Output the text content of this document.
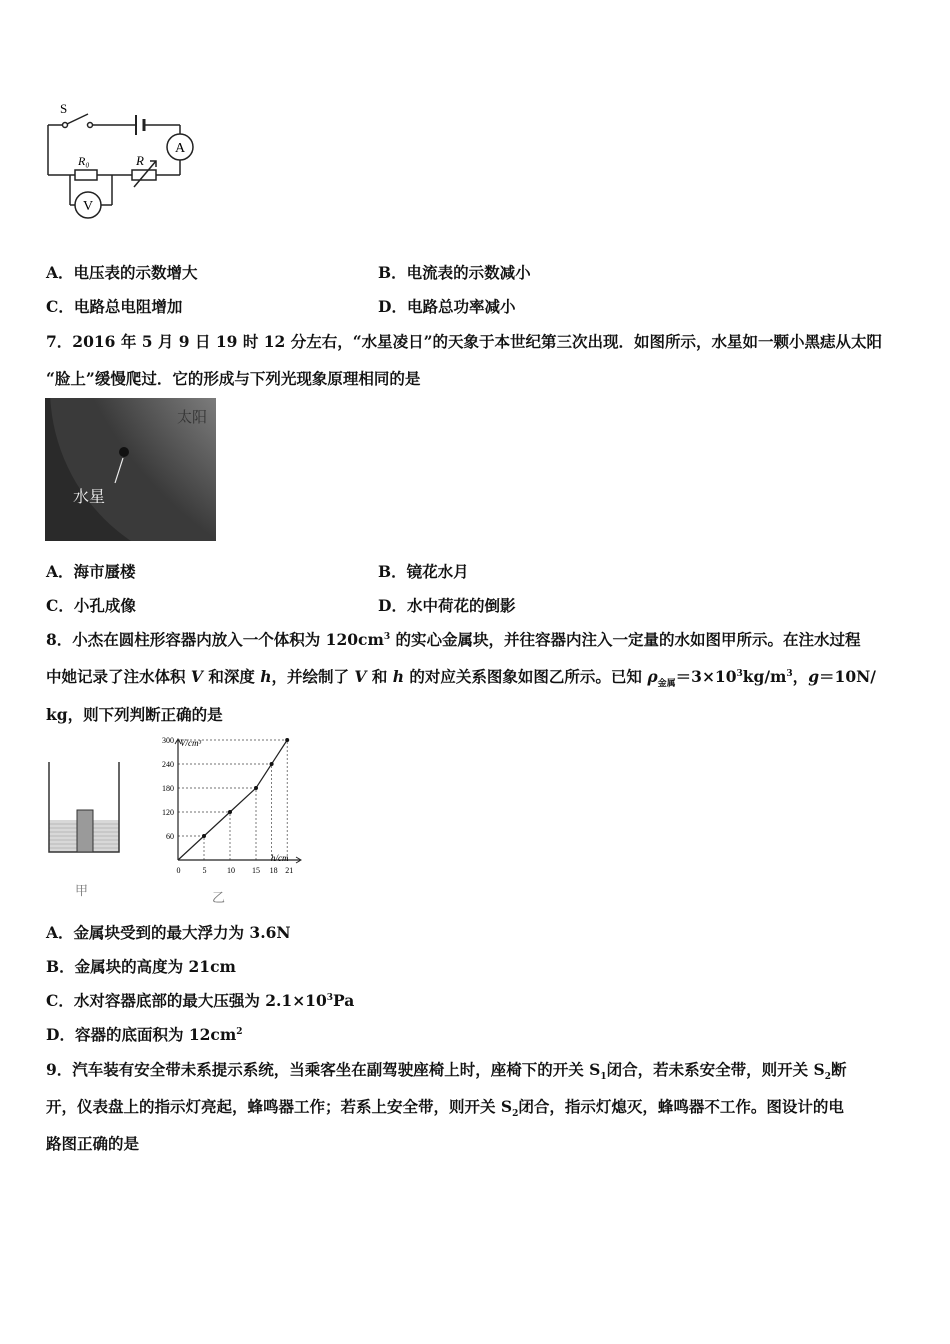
S
R₀	R
A
V
A．电压表的示数增大	B．电流表的示数减小
C．电路总电阻增加	D．电路总功率减小
7．2016 年 5 月 9 日 19 时 12 分左右，“水星凌日”的天象于本世纪第三次出现．如图所示，水星如一颗小黑痣从太阳
“脸上”缓慢爬过．它的形成与下列光现象原理相同的是
太阳
水星
A．海市蜃楼	B．镜花水月
C．小孔成像	D．水中荷花的倒影
8．小杰在圆柱形容器内放入一个体积为 $120cm^3$ 的实心金属块，并往容器内注入一定量的水如图甲所示。在注水过程
中她记录了注水体积 V 和深度 h，并绘制了 V 和 h 的对应关系图象如图乙所示。已知 $\rho_{金属}=3\times 10^3kg/m^3$，g＝10N/
kg，则下列判断正确的是
甲
0	5	10 15 18 21
60
120
180
240
300 V/cm³
h/cm
乙
A．金属块受到的最大浮力为 3.6N
B．金属块的高度为 21cm
C．水对容器底部的最大压强为 $2.1\times 10^3Pa$
D．容器的底面积为 $12cm^2$
9．汽车装有安全带未系提示系统，当乘客坐在副驾驶座椅上时，座椅下的开关 $S_1$闭合，若未系安全带，则开关 $S_2$断
开，仪表盘上的指示灯亮起，蜂鸣器工作；若系上安全带，则开关 $S_2$闭合，指示灯熄灭，蜂鸣器不工作。图设计的电
路图正确的是
